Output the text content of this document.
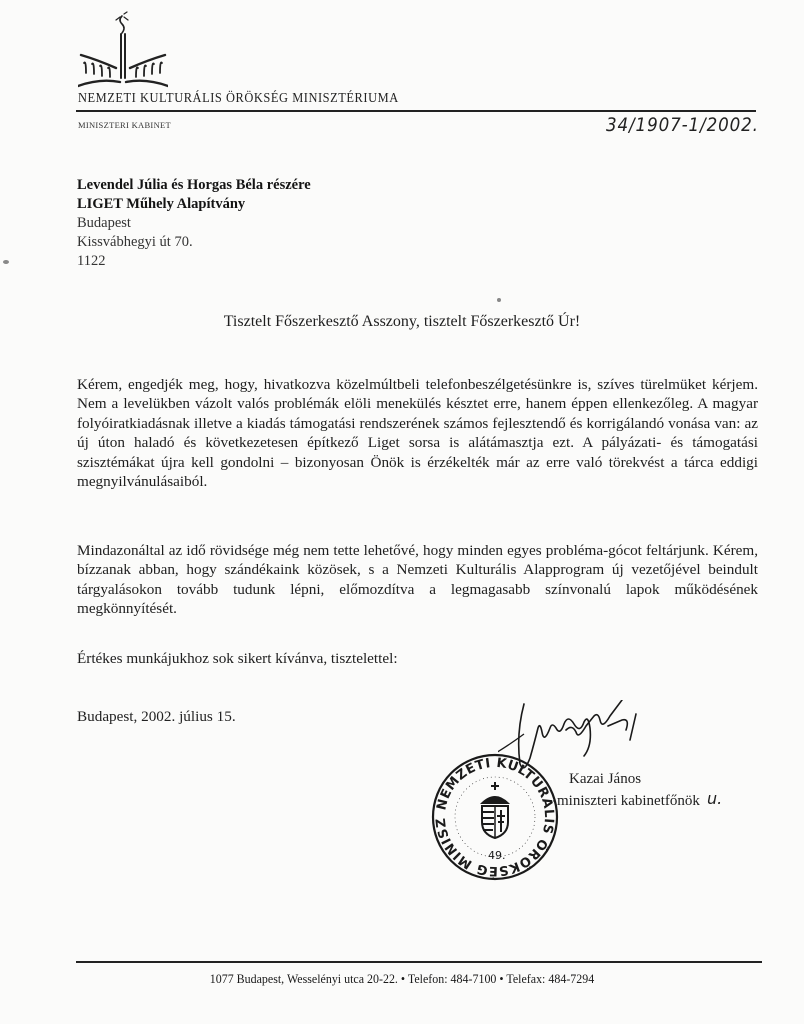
NEMZETI KULTURÁLIS ÖRÖKSÉG MINISZTÉRIUMA
MINISZTERI KABINET	34/1907-1/2002.
Levendel Júlia és Horgas Béla részére
LIGET Műhely Alapítvány
Budapest
Kissvábhegyi út 70.
1122
Tisztelt Főszerkesztő Asszony, tisztelt Főszerkesztő Úr!
Kérem, engedjék meg, hogy, hivatkozva közelmúltbeli telefonbeszélgetésünkre is, szíves türelmüket kérjem. Nem a levelükben vázolt valós problémák elöli menekülés késztet erre, hanem éppen ellenkezőleg. A magyar folyóiratkiadásnak illetve a kiadás támogatási rendszerének számos fejlesztendő és korrigálandó vonása van: az új úton haladó és következetesen építkező Liget sorsa is alátámasztja ezt. A pályázati- és támogatási szisztémákat újra kell gondolni – bizonyosan Önök is érzékelték már az erre való törekvést a tárca eddigi megnyilvánulásaiból.
Mindazonáltal az idő rövidsége még nem tette lehetővé, hogy minden egyes probléma-gócot feltárjunk. Kérem, bízzanak abban, hogy szándékaink közösek, s a Nemzeti Kulturális Alapprogram új vezetőjével beindult tárgyalásokon tovább tudunk lépni, előmozdítva a legmagasabb színvonalú lapok működésének megkönnyítését.
Értékes munkájukhoz sok sikert kívánva, tisztelettel:
Budapest, 2002. július 15.
NEMZETI KULTURÁLIS ÖRÖKSÉG MINISZ
49.
Kazai János
miniszteri kabinetfőnök u.
1077 Budapest, Wesselényi utca 20-22. • Telefon: 484-7100 • Telefax: 484-7294
